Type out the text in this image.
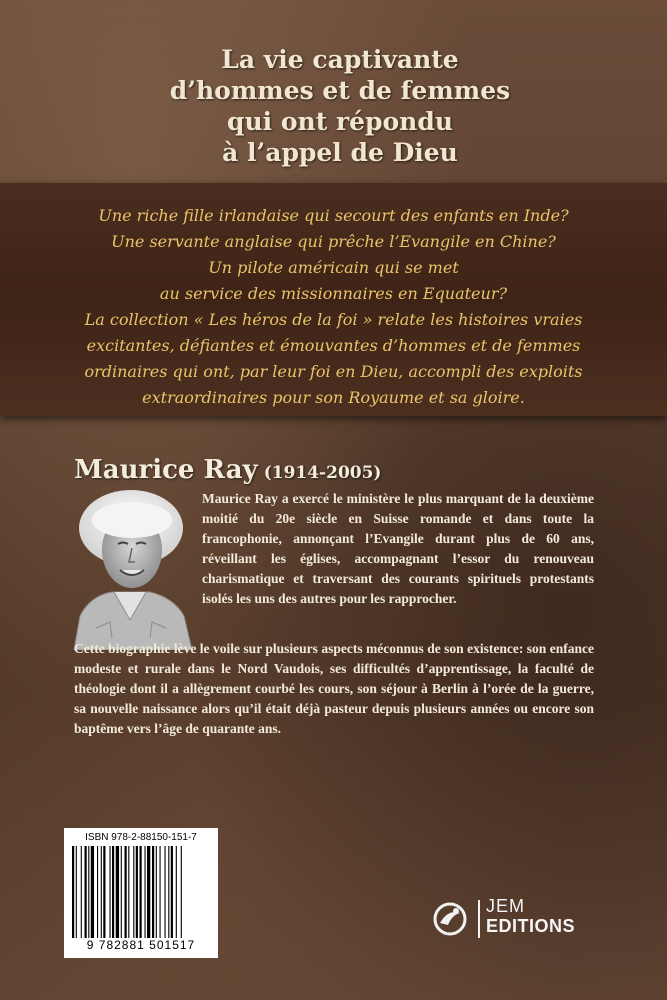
La vie captivante
d’hommes et de femmes
qui ont répondu
à l’appel de Dieu
Une riche fille irlandaise qui secourt des enfants en Inde?
Une servante anglaise qui prêche l’Evangile en Chine?
Un pilote américain qui se met
au service des missionnaires en Equateur?
La collection « Les héros de la foi » relate les histoires vraies
excitantes, défiantes et émouvantes d’hommes et de femmes
ordinaires qui ont, par leur foi en Dieu, accompli des exploits
extraordinaires pour son Royaume et sa gloire.
Maurice Ray (1914-2005)

Maurice Ray a exercé le ministère le plus marquant de la deuxième moitié du 20e siècle en Suisse romande et dans toute la francophonie, annonçant l’Evangile durant plus de 60 ans, réveillant les églises, accompagnant l’essor du renouveau charismatique et traversant des courants spirituels protestants isolés les uns des autres pour les rapprocher.

Cette biographie lève le voile sur plusieurs aspects méconnus de son existence: son enfance modeste et rurale dans le Nord Vaudois, ses difficultés d’apprentissage, la faculté de théologie dont il a allègrement courbé les cours, son séjour à Berlin à l’orée de la guerre, sa nouvelle naissance alors qu’il était déjà pasteur depuis plusieurs années ou encore son baptême vers l’âge de quarante ans.

ISBN 978-2-88150-151-7
9 782881 501517
JEM
EDITIONS
